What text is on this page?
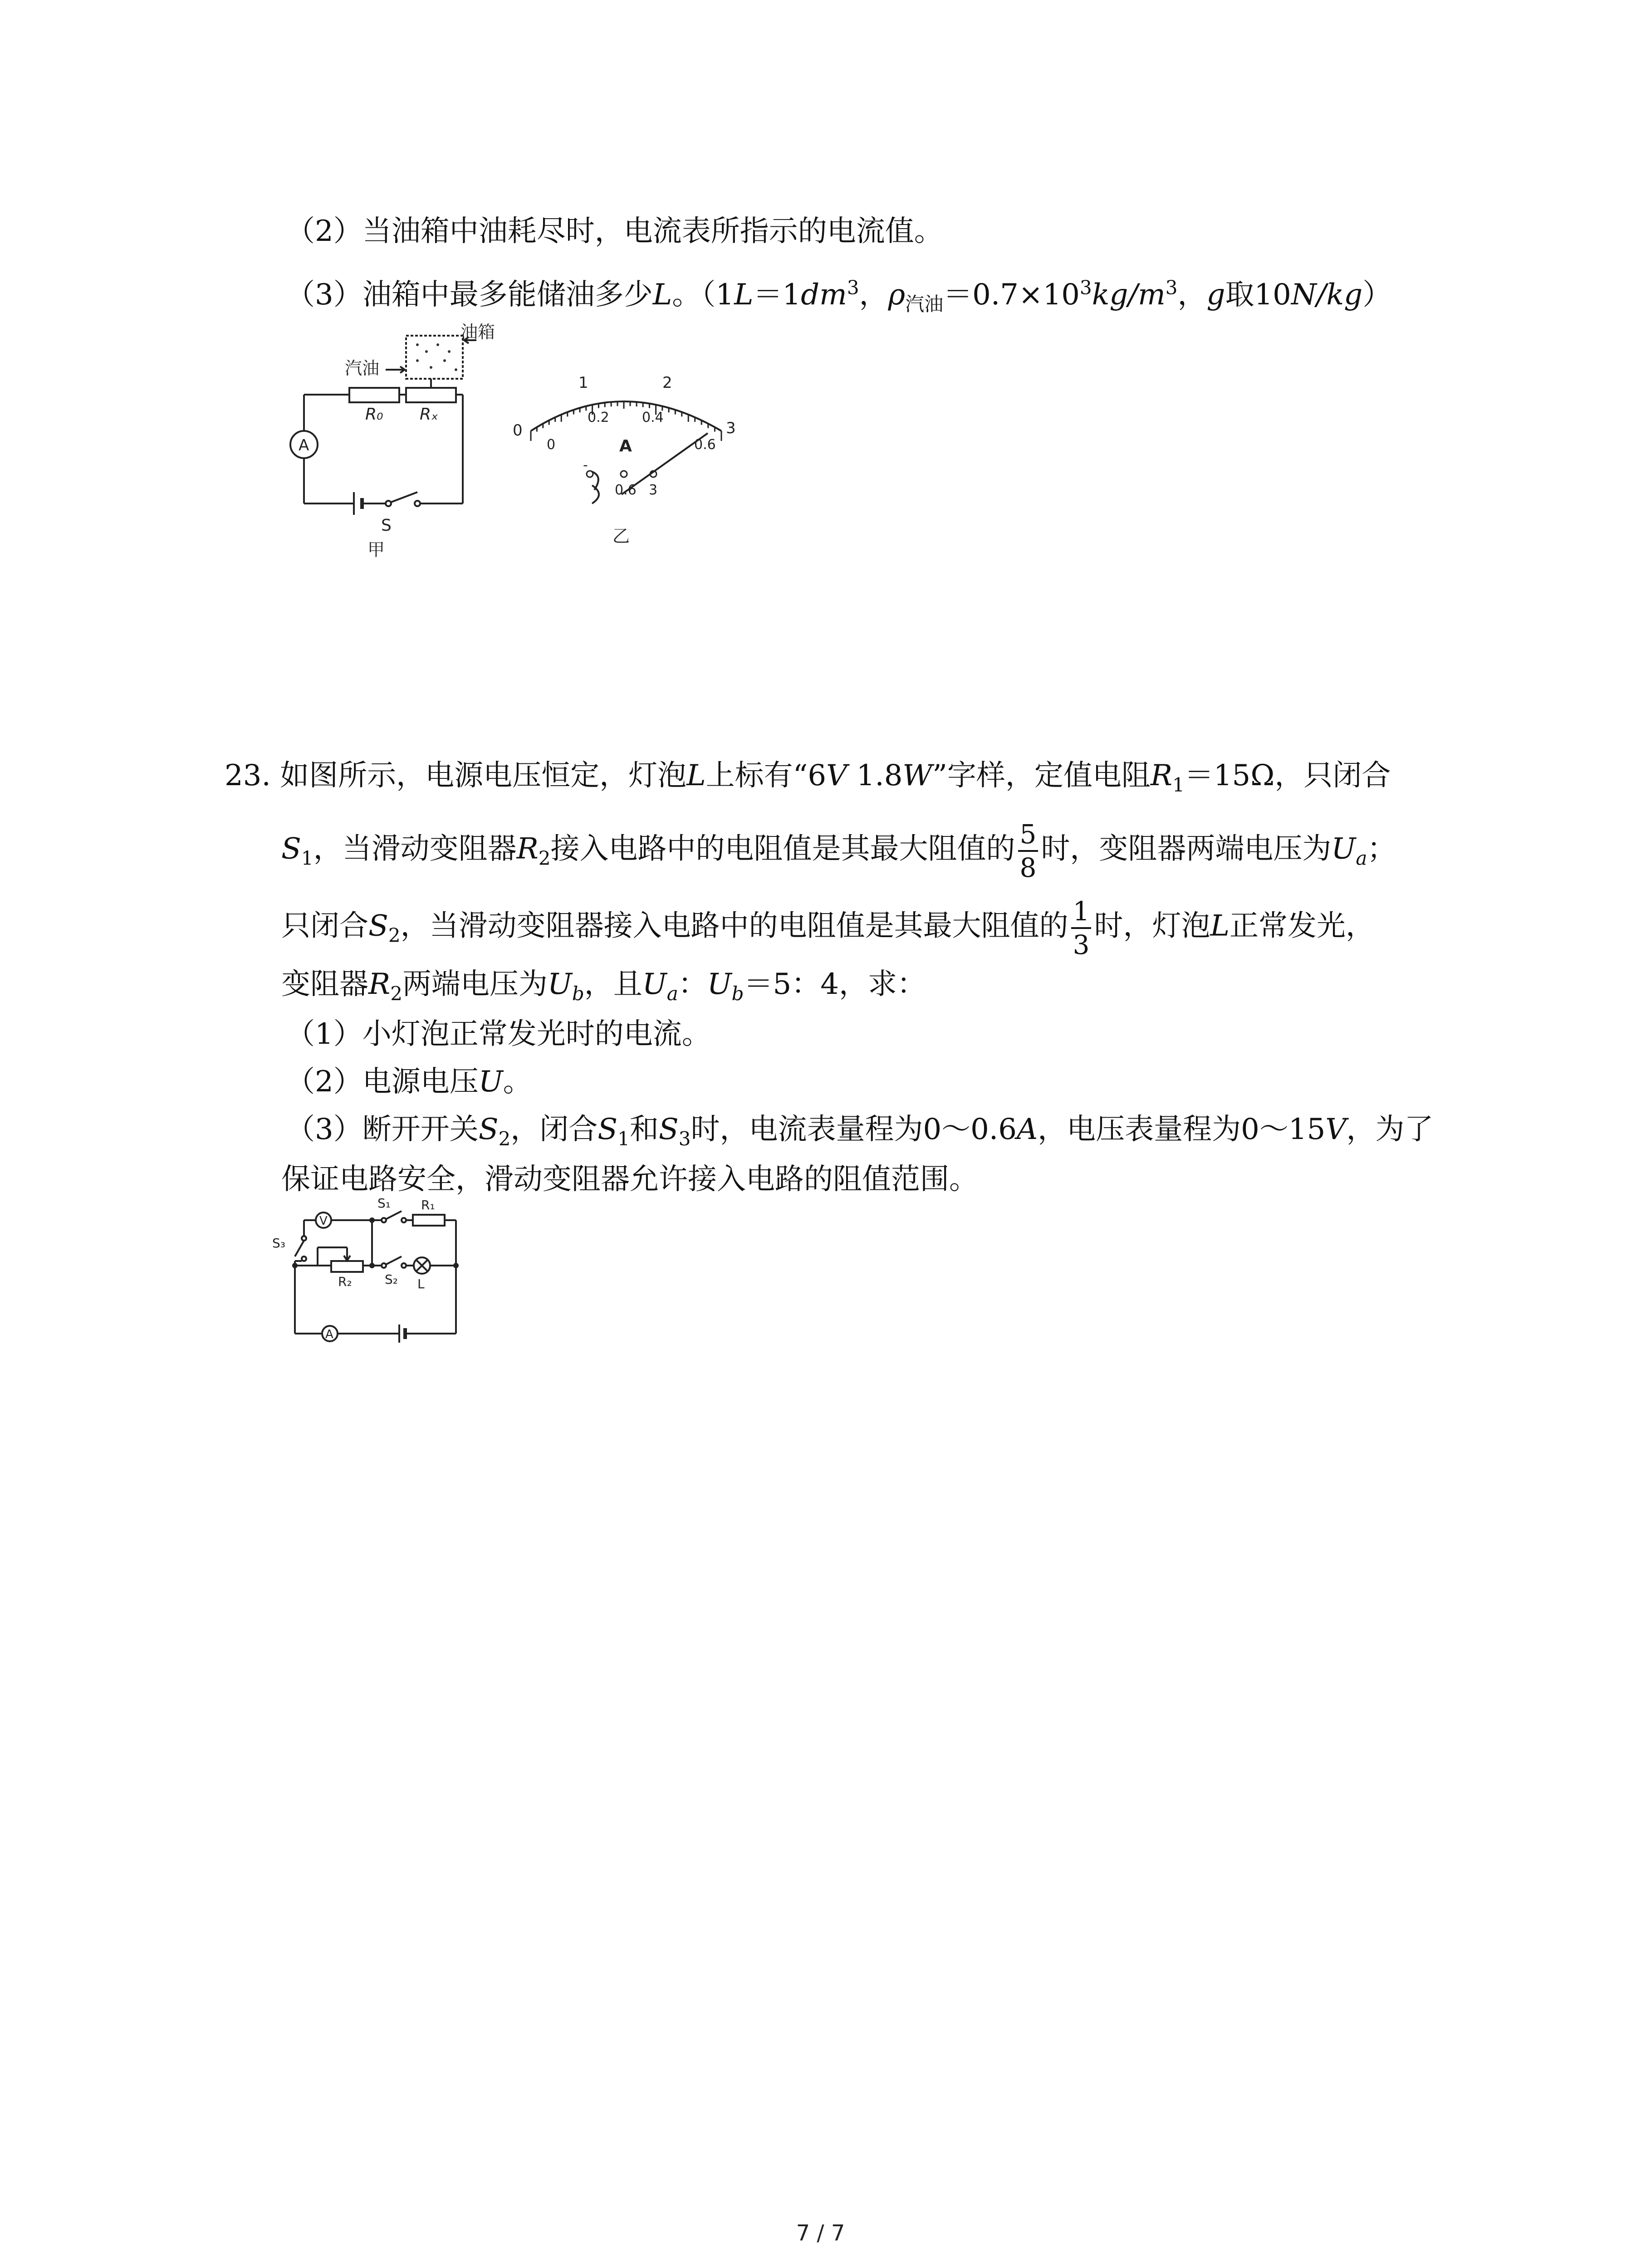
（2）当油箱中油耗尽时，电流表所指示的电流值。
（3）油箱中最多能储油多少L。（$1L=1dm^3$，$\rho_{汽油}=0.7\times 10^3kg/m^3$，g取10N/kg）
汽油
油箱
R₀ Rₓ
A
S
甲
0
1	2
3
0
0.2 0.4
0.6
A
-
0.6 3
乙
23. 如图所示，电源电压恒定，灯泡L上标有“6V 1.8W”字样，定值电阻$R_1=15\Omega$，只闭合
$S_1$，当滑动变阻器$R_2$接入电路中的电阻值是其最大阻值的 $\frac{5}{8}$ 时，变阻器两端电压为$U_a$；
只闭合$S_2$，当滑动变阻器接入电路中的电阻值是其最大阻值的 $\frac{1}{3}$ 时，灯泡L正常发光，
变阻器$R_2$两端电压为$U_b$，且$U_a$：$U_b=5$：4，求：
（1）小灯泡正常发光时的电流。
（2）电源电压U。
（3）断开开关$S_2$，闭合$S_1$和$S_3$时，电流表量程为0～0.6A，电压表量程为0～15V，为了
保证电路安全，滑动变阻器允许接入电路的阻值范围。
S₁ R₁
S₃
V
R₂	S₂ L
A
7 / 7
